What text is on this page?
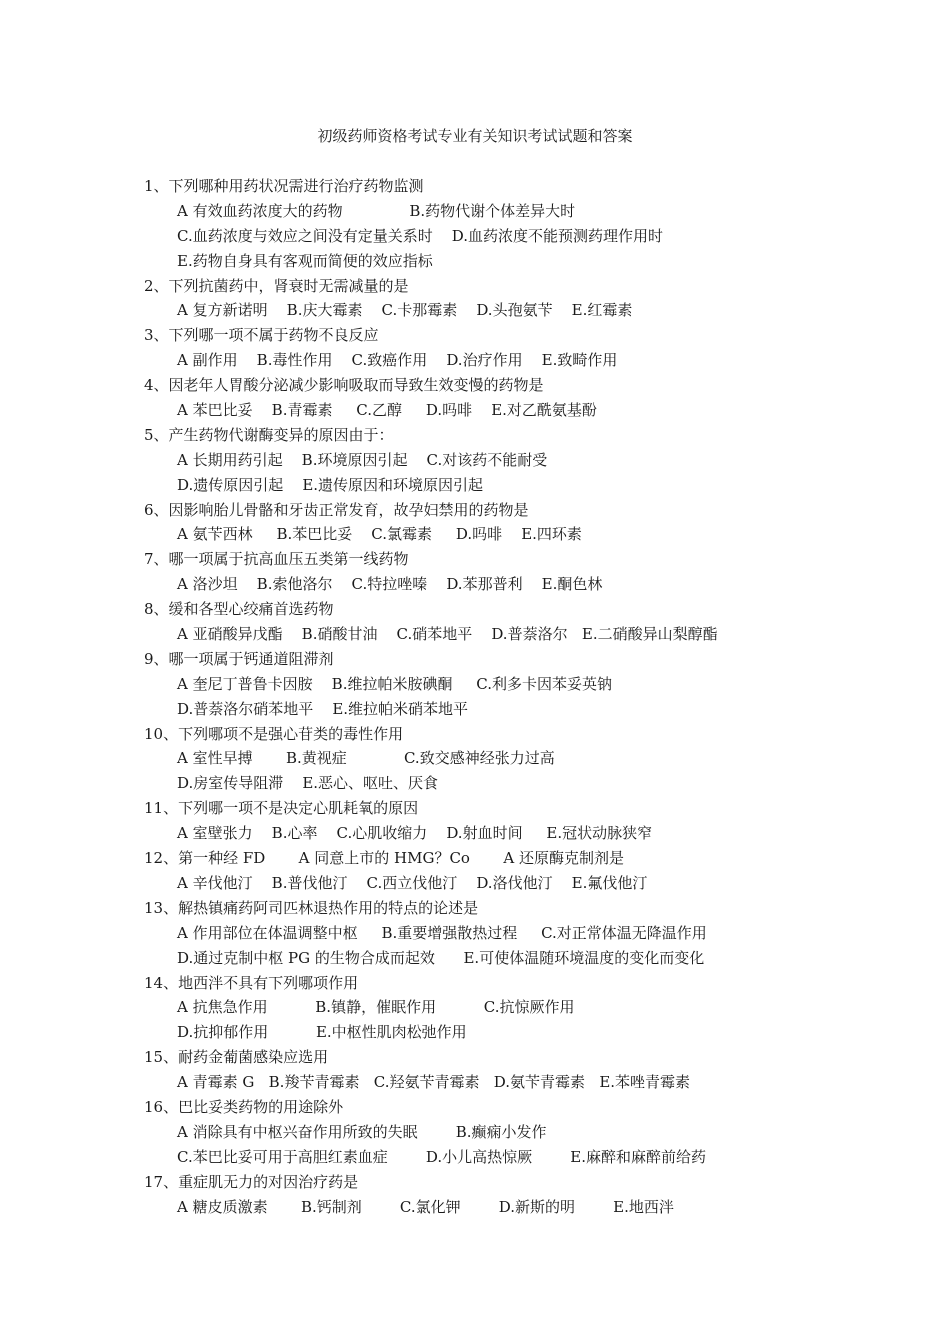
初级药师资格考试专业有关知识考试试题和答案
1、下列哪种用药状况需进行治疗药物监测
A 有效血药浓度大的药物              B.药物代谢个体差异大时
C.血药浓度与效应之间没有定量关系时    D.血药浓度不能预测药理作用时
E.药物自身具有客观而简便的效应指标
2、下列抗菌药中，肾衰时无需减量的是
A 复方新诺明    B.庆大霉素    C.卡那霉素    D.头孢氨苄    E.红霉素
3、下列哪一项不属于药物不良反应
A 副作用    B.毒性作用    C.致癌作用    D.治疗作用    E.致畸作用
4、因老年人胃酸分泌减少影响吸取而导致生效变慢的药物是
A 苯巴比妥    B.青霉素     C.乙醇     D.吗啡    E.对乙酰氨基酚
5、产生药物代谢酶变异的原因由于：
A 长期用药引起    B.环境原因引起    C.对该药不能耐受
D.遗传原因引起    E.遗传原因和环境原因引起
6、因影响胎儿骨骼和牙齿正常发育，故孕妇禁用的药物是
A 氨苄西林     B.苯巴比妥    C.氯霉素     D.吗啡    E.四环素
7、哪一项属于抗高血压五类第一线药物
A 洛沙坦    B.索他洛尔    C.特拉唑嗪    D.苯那普利    E.酮色林
8、缓和各型心绞痛首选药物
A 亚硝酸异戊酯    B.硝酸甘油    C.硝苯地平    D.普萘洛尔   E.二硝酸异山梨醇酯
9、哪一项属于钙通道阻滞剂
A 奎尼丁普鲁卡因胺    B.维拉帕米胺碘酮     C.利多卡因苯妥英钠
D.普萘洛尔硝苯地平    E.维拉帕米硝苯地平
10、下列哪项不是强心苷类的毒性作用
A 室性早搏       B.黄视症            C.致交感神经张力过高
D.房室传导阻滞    E.恶心、呕吐、厌食
11、下列哪一项不是决定心肌耗氧的原因
A 室壁张力    B.心率    C.心肌收缩力    D.射血时间     E.冠状动脉狭窄
12、第一种经 FD       A 同意上市的 HMG？Co       A 还原酶克制剂是
A 辛伐他汀    B.普伐他汀    C.西立伐他汀    D.洛伐他汀    E.氟伐他汀
13、解热镇痛药阿司匹林退热作用的特点的论述是
A 作用部位在体温调整中枢     B.重要增强散热过程     C.对正常体温无降温作用
D.通过克制中枢 PG 的生物合成而起效      E.可使体温随环境温度的变化而变化
14、地西泮不具有下列哪项作用
A 抗焦急作用          B.镇静，催眠作用          C.抗惊厥作用
D.抗抑郁作用          E.中枢性肌肉松弛作用
15、耐药金葡菌感染应选用
A 青霉素 G   B.羧苄青霉素   C.羟氨苄青霉素   D.氨苄青霉素   E.苯唑青霉素
16、巴比妥类药物的用途除外
A 消除具有中枢兴奋作用所致的失眠        B.癫痫小发作
C.苯巴比妥可用于高胆红素血症        D.小儿高热惊厥        E.麻醉和麻醉前给药
17、重症肌无力的对因治疗药是
A 糖皮质激素       B.钙制剂        C.氯化钾        D.新斯的明        E.地西泮
